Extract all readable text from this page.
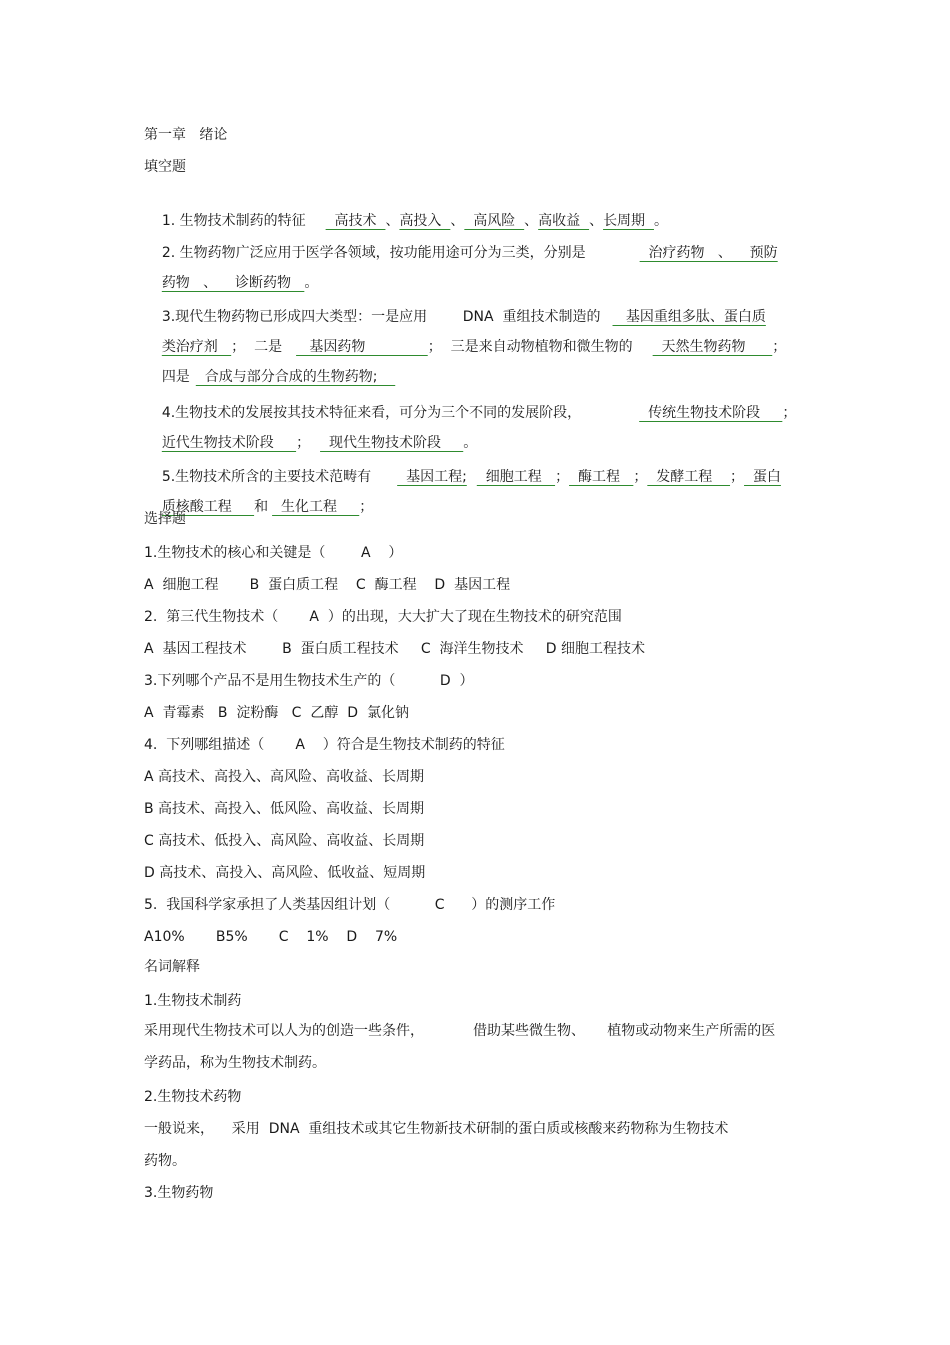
第一章   绪论
填空题

1. 生物技术制药的特征  高技术  、高投入  、  高风险  、高收益  、长周期  。

2. 生物药物广泛应用于医学各领域，按功能用途可分为三类，分别是	治疗药物   、    预防

药物   、    诊断药物   。

3.现代生物药物已形成四大类型：一是应用        DNA  重组技术制造的   基因重组多肽、蛋白质

类治疗剂   ；  二是   基因药物              ；  三是来自动物植物和微生物的  天然生物药物      ；

四是  合成与部分合成的生物药物;

4.生物技术的发展按其技术特征来看，可分为三个不同的发展阶段，	传统生物技术阶段     ；

近代生物技术阶段     ；  现代生物技术阶段     。

5.生物技术所含的主要技术范畴有  基因工程;  细胞工程   ；  酶工程   ；  发酵工程    ；  蛋白

质核酸工程     和  生化工程     ；

选择题
1.生物技术的核心和关键是（        A    ）
A  细胞工程       B  蛋白质工程    C  酶工程    D  基因工程
2.  第三代生物技术（       A  ）的出现，大大扩大了现在生物技术的研究范围
A  基因工程技术        B  蛋白质工程技术     C  海洋生物技术     D 细胞工程技术
3.下列哪个产品不是用生物技术生产的（          D  ）
A  青霉素   B  淀粉酶   C  乙醇  D  氯化钠
4.  下列哪组描述（       A    ）符合是生物技术制药的特征
A 高技术、高投入、高风险、高收益、长周期
B 高技术、高投入、低风险、高收益、长周期
C 高技术、低投入、高风险、高收益、长周期
D 高技术、高投入、高风险、低收益、短周期
5.  我国科学家承担了人类基因组计划（          C      ）的测序工作
A10%       B5%       C    1%    D    7%
名词解释
1.生物技术制药
采用现代生物技术可以人为的创造一些条件，           借助某些微生物、     植物或动物来生产所需的医
学药品，称为生物技术制药。
2.生物技术药物
一般说来，    采用  DNA  重组技术或其它生物新技术研制的蛋白质或核酸来药物称为生物技术
药物。
3.生物药物
